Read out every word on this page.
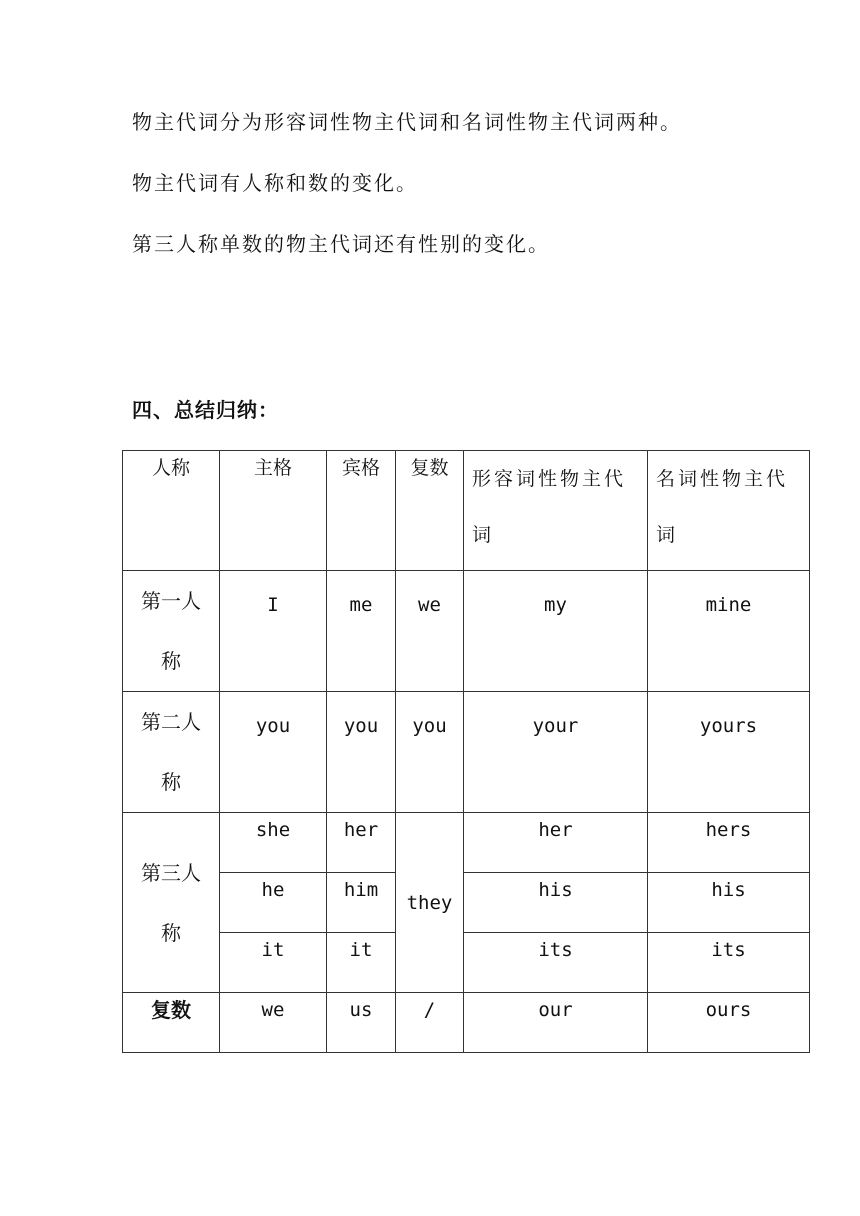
物主代词分为形容词性物主代词和名词性物主代词两种。
物主代词有人称和数的变化。
第三人称单数的物主代词还有性别的变化。
四、总结归纳：
人称	主格	宾格	复数	形容词性物主代词	名词性物主代词

第一人称	I	me	we	my	mine

第二人称	you	you	you	your	yours

第三人称	she	her	they	her	hers

	he	him		his	his

	it	it		its	its

复数	we	us	/	our	ours
